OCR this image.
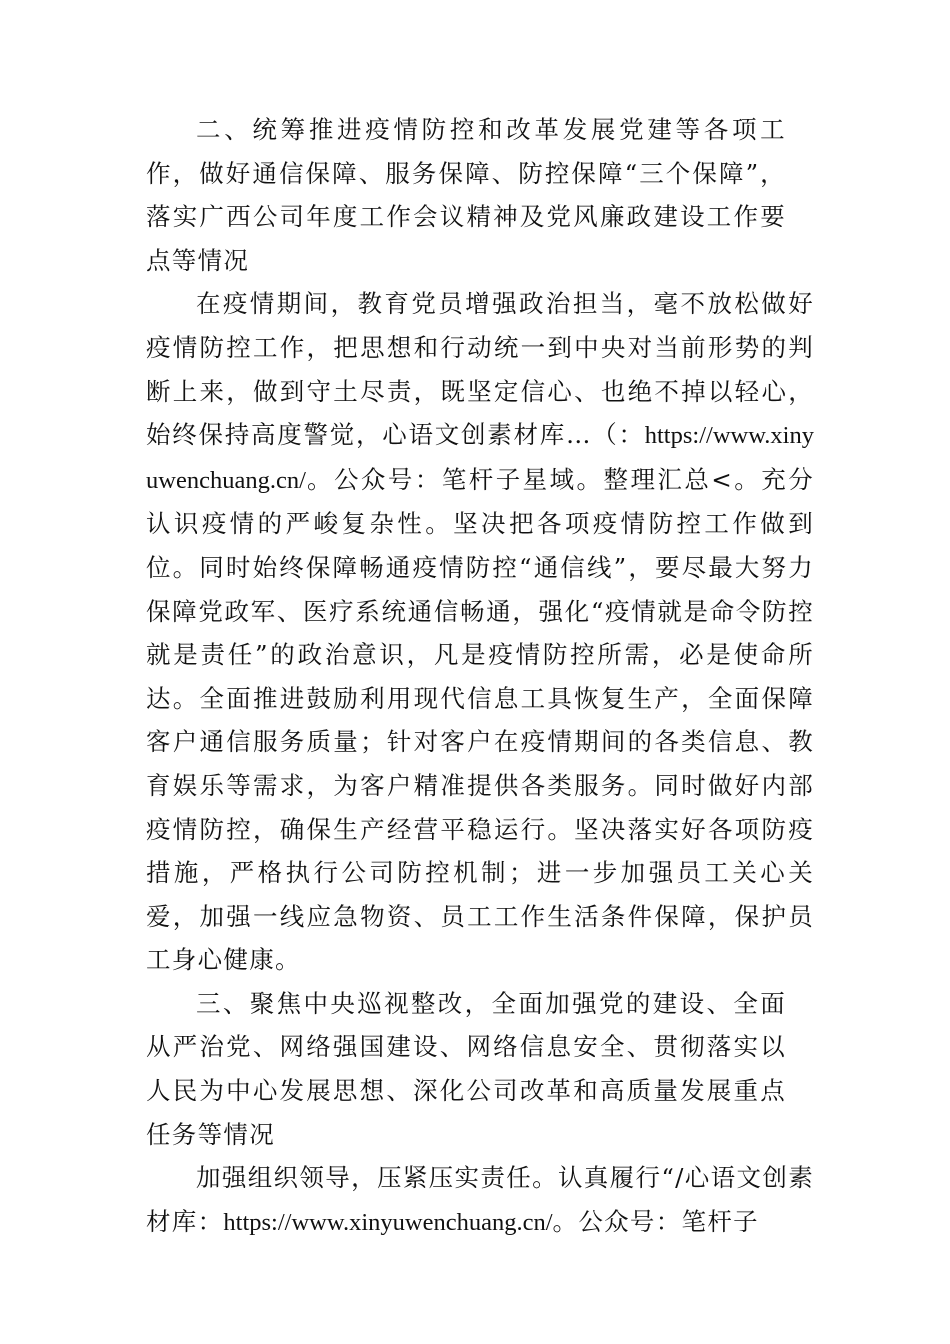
二、统筹推进疫情防控和改革发展党建等各项工作，做好通信保障、服务保障、防控保障“三个保障”，落实广西公司年度工作会议精神及党风廉政建设工作要点等情况

在疫情期间，教育党员增强政治担当，毫不放松做好疫情防控工作，把思想和行动统一到中央对当前形势的判断上来，做到守土尽责，既坚定信心、也绝不掉以轻心，始终保持高度警觉，心语文创素材库…（：https://www.xinyuwenchuang.cn/。公众号：笔杆子星域。整理汇总<。充分认识疫情的严峻复杂性。坚决把各项疫情防控工作做到位。同时始终保障畅通疫情防控“通信线”，要尽最大努力保障党政军、医疗系统通信畅通，强化“疫情就是命令防控就是责任”的政治意识，凡是疫情防控所需，必是使命所达。全面推进鼓励利用现代信息工具恢复生产，全面保障客户通信服务质量；针对客户在疫情期间的各类信息、教育娱乐等需求，为客户精准提供各类服务。同时做好内部疫情防控，确保生产经营平稳运行。坚决落实好各项防疫措施，严格执行公司防控机制；进一步加强员工关心关爱，加强一线应急物资、员工工作生活条件保障，保护员工身心健康。

三、聚焦中央巡视整改，全面加强党的建设、全面从严治党、网络强国建设、网络信息安全、贯彻落实以人民为中心发展思想、深化公司改革和高质量发展重点任务等情况

加强组织领导，压紧压实责任。认真履行“/心语文创素材库：https://www.xinyuwenchuang.cn/。公众号：笔杆子
